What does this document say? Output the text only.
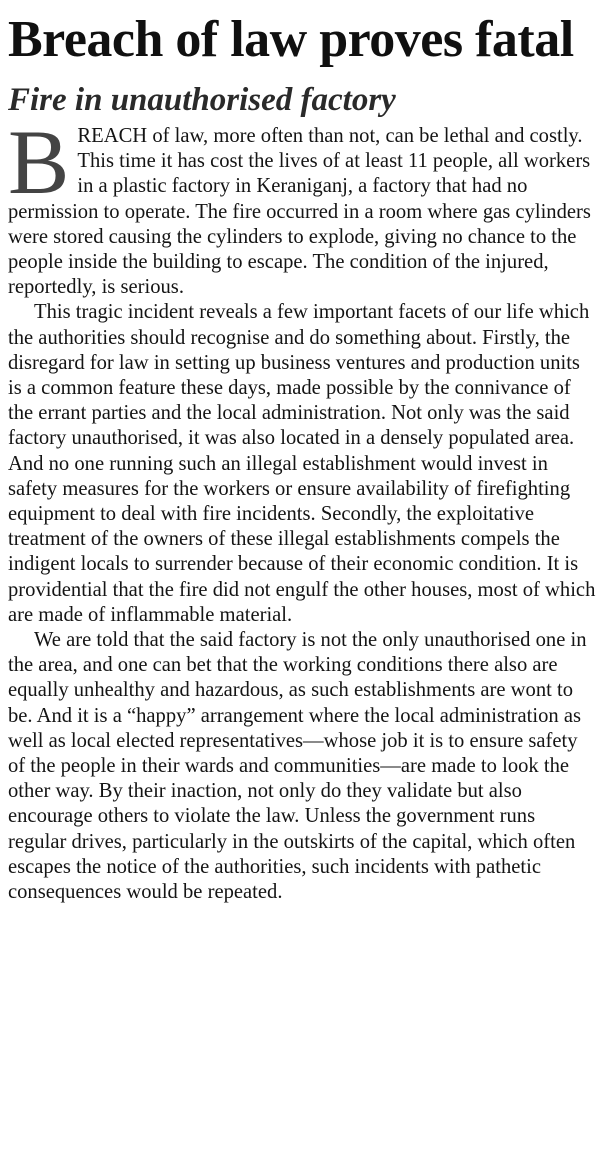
Breach of law proves fatal
Fire in unauthorised factory

BREACH of law, more often than not, can be lethal and costly. This time it has cost the lives of at least 11 people, all workers in a plastic factory in Keraniganj, a factory that had no permission to operate. The fire occurred in a room where gas cylinders were stored causing the cylinders to explode, giving no chance to the people inside the building to escape. The condition of the injured, reportedly, is serious.

This tragic incident reveals a few important facets of our life which the authorities should recognise and do something about. Firstly, the disregard for law in setting up business ventures and production units is a common feature these days, made possible by the connivance of the errant parties and the local administration. Not only was the said factory unauthorised, it was also located in a densely populated area. And no one running such an illegal establishment would invest in safety measures for the workers or ensure availability of firefighting equipment to deal with fire incidents. Secondly, the exploitative treatment of the owners of these illegal establishments compels the indigent locals to surrender because of their economic condition. It is providential that the fire did not engulf the other houses, most of which are made of inflammable material.

We are told that the said factory is not the only unauthorised one in the area, and one can bet that the working conditions there also are equally unhealthy and hazardous, as such establishments are wont to be. And it is a “happy” arrangement where the local administration as well as local elected representatives—whose job it is to ensure safety of the people in their wards and communities—are made to look the other way. By their inaction, not only do they validate but also encourage others to violate the law. Unless the government runs regular drives, particularly in the outskirts of the capital, which often escapes the notice of the authorities, such incidents with pathetic consequences would be repeated.
